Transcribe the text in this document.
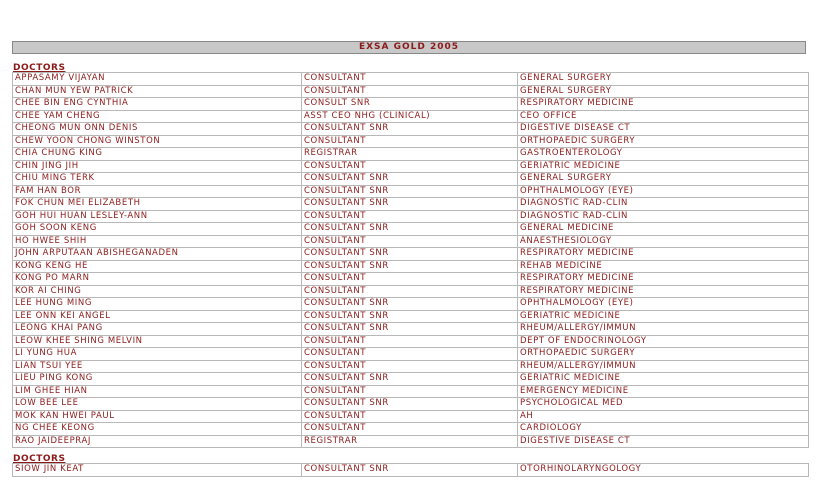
EXSA GOLD 2005
DOCTORS
APPASAMY VIJAYAN	CONSULTANT	GENERAL SURGERY
CHAN MUN YEW PATRICK	CONSULTANT	GENERAL SURGERY
CHEE BIN ENG CYNTHIA	CONSULT SNR	RESPIRATORY MEDICINE
CHEE YAM CHENG	ASST CEO NHG (CLINICAL)	CEO OFFICE
CHEONG MUN ONN DENIS	CONSULTANT SNR	DIGESTIVE DISEASE CT
CHEW YOON CHONG WINSTON	CONSULTANT	ORTHOPAEDIC SURGERY
CHIA CHUNG KING	REGISTRAR	GASTROENTEROLOGY
CHIN JING JIH	CONSULTANT	GERIATRIC MEDICINE
CHIU MING TERK	CONSULTANT SNR	GENERAL SURGERY
FAM HAN BOR	CONSULTANT SNR	OPHTHALMOLOGY (EYE)
FOK CHUN MEI ELIZABETH	CONSULTANT SNR	DIAGNOSTIC RAD-CLIN
GOH HUI HUAN LESLEY-ANN	CONSULTANT	DIAGNOSTIC RAD-CLIN
GOH SOON KENG	CONSULTANT SNR	GENERAL MEDICINE
HO HWEE SHIH	CONSULTANT	ANAESTHESIOLOGY
JOHN ARPUTAAN ABISHEGANADEN	CONSULTANT SNR	RESPIRATORY MEDICINE
KONG KENG HE	CONSULTANT SNR	REHAB MEDICINE
KONG PO MARN	CONSULTANT	RESPIRATORY MEDICINE
KOR AI CHING	CONSULTANT	RESPIRATORY MEDICINE
LEE HUNG MING	CONSULTANT SNR	OPHTHALMOLOGY (EYE)
LEE ONN KEI ANGEL	CONSULTANT SNR	GERIATRIC MEDICINE
LEONG KHAI PANG	CONSULTANT SNR	RHEUM/ALLERGY/IMMUN
LEOW KHEE SHING MELVIN	CONSULTANT	DEPT OF ENDOCRINOLOGY
LI YUNG HUA	CONSULTANT	ORTHOPAEDIC SURGERY
LIAN TSUI YEE	CONSULTANT	RHEUM/ALLERGY/IMMUN
LIEU PING KONG	CONSULTANT SNR	GERIATRIC MEDICINE
LIM GHEE HIAN	CONSULTANT	EMERGENCY MEDICINE
LOW BEE LEE	CONSULTANT SNR	PSYCHOLOGICAL MED
MOK KAN HWEI PAUL	CONSULTANT	AH
NG CHEE KEONG	CONSULTANT	CARDIOLOGY
RAO JAIDEEPRAJ	REGISTRAR	DIGESTIVE DISEASE CT
DOCTORS
SIOW JIN KEAT	CONSULTANT SNR	OTORHINOLARYNGOLOGY
